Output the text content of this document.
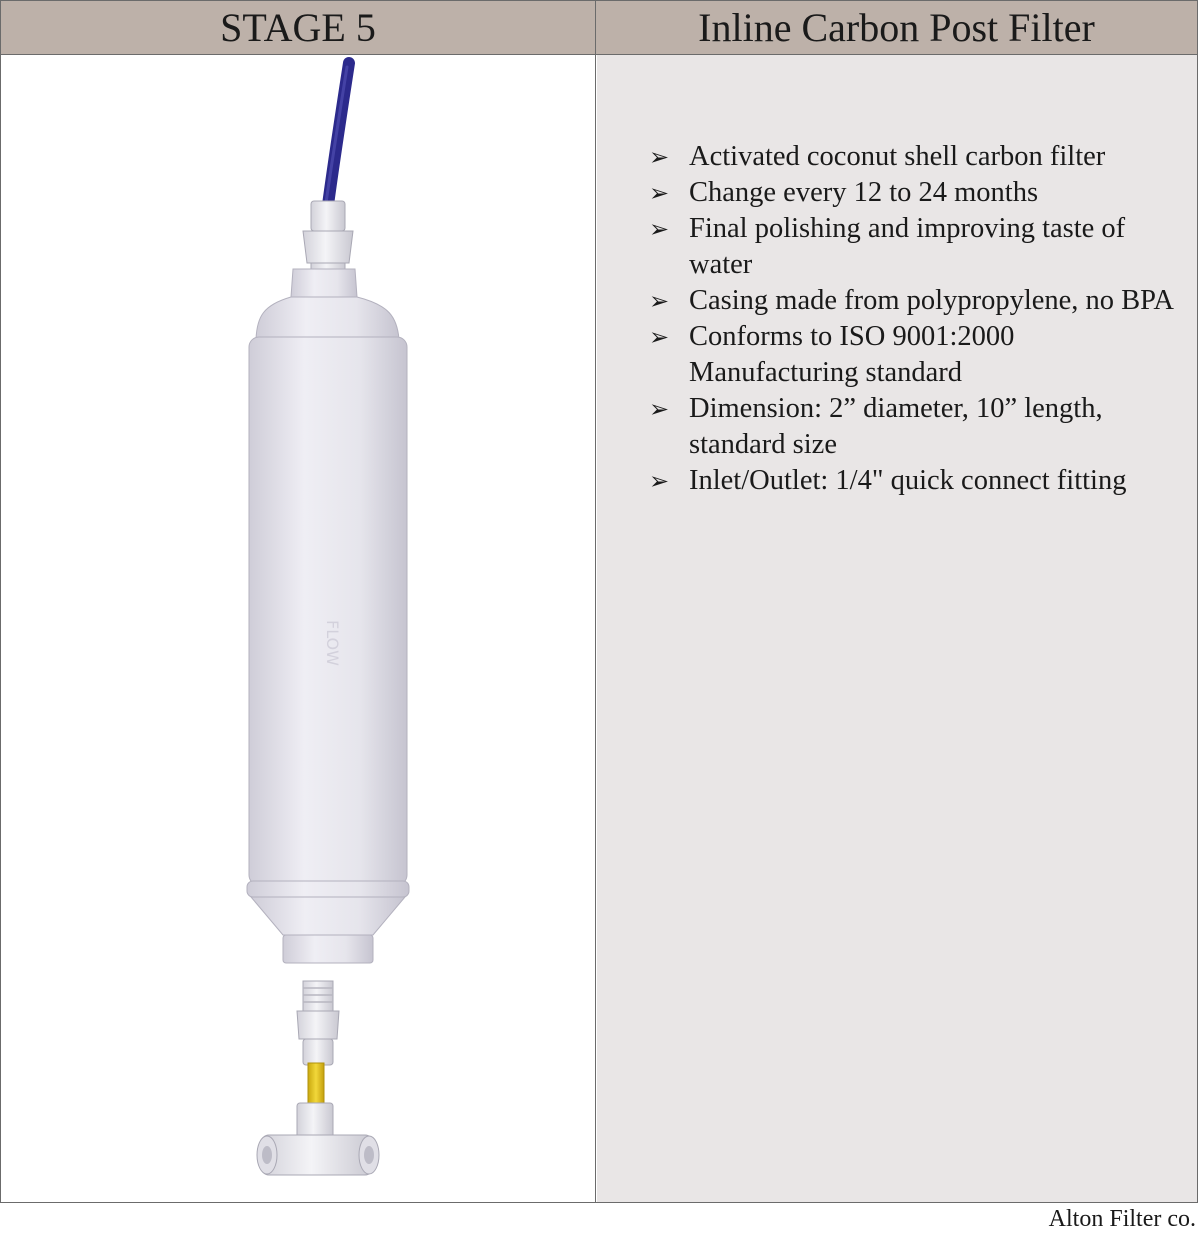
STAGE 5	Inline Carbon Post Filter
FLOW
➢ Activated coconut shell carbon filter
➢ Change every 12 to 24 months
➢ Final polishing and improving taste of water
➢ Casing made from polypropylene, no BPA
➢ Conforms to ISO 9001:2000 Manufacturing standard
➢ Dimension: 2” diameter, 10” length, standard size
➢ Inlet/Outlet: 1/4" quick connect fitting
Alton Filter co.
